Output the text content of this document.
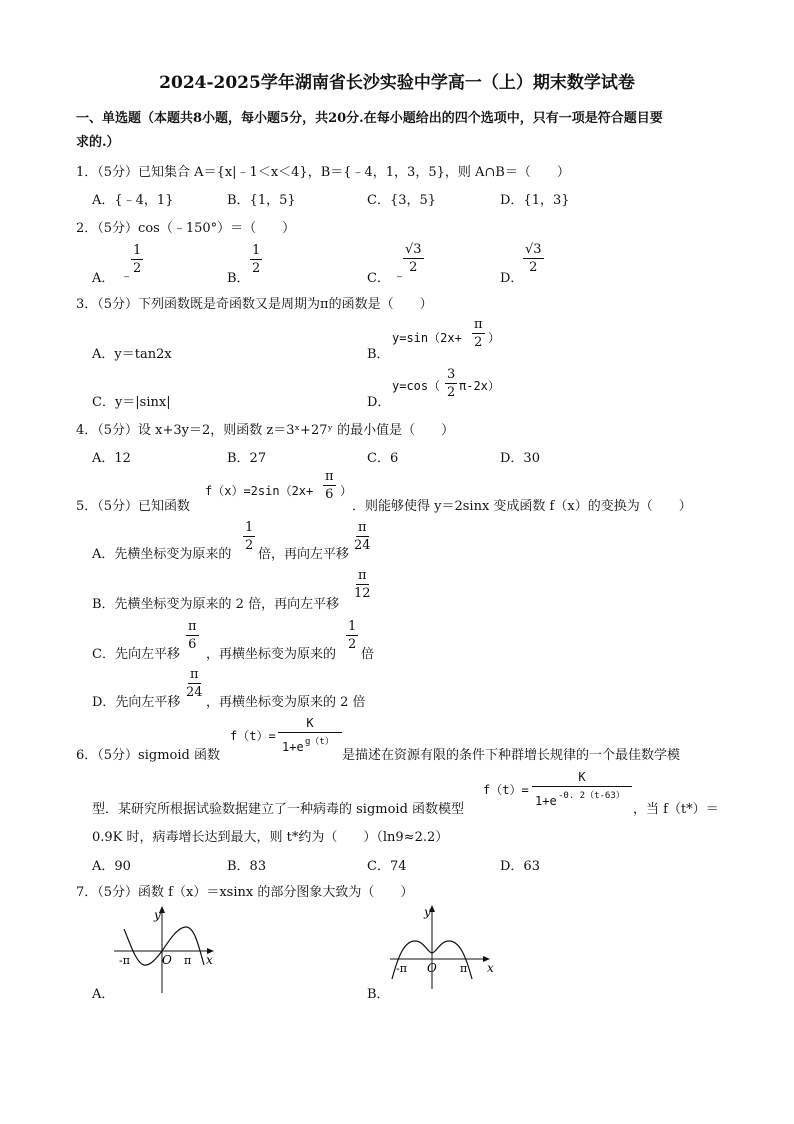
2024-2025学年湖南省长沙实验中学高一（上）期末数学试卷
一、单选题（本题共8小题，每小题5分，共20分.在每小题给出的四个选项中，只有一项是符合题目要
求的.）
1．（5分）已知集合 A＝{x|﹣1＜x＜4}，B＝{﹣4，1，3，5}，则 A∩B＝（　　）
A．{﹣4，1}	B．{1，5}	C．{3，5}	D．{1，3}
2．（5分）cos（﹣150°）＝（　　）
A． ﹣
$\frac{1}{2}$
B．
$\frac{1}{2}$
C． ﹣
$\frac{√3}{2}$
D．
$\frac{√3}{2}$
3．（5分）下列函数既是奇函数又是周期为π的函数是（　　）
A．y＝tan2x	B．
$y=\sin(2x+ \frac{\pi}{2}$ ）
C．y＝|sinx|	D．
$y=\cos( \frac{3}{2} \pi-2x)$
4．（5分）设 x+3y＝2，则函数 z＝3ˣ+27ʸ 的最小值是（　　）
A．12	B．27	C．6	D．30
5．（5分）已知函数
$f(x)=2\sin(2x+ \frac{\pi}{6}$ ）
．则能够使得 y＝2sinx 变成函数 f（x）的变换为（　　）
A．先横坐标变为原来的
$\frac{1}{2}$
倍，再向左平移
$\frac{\pi}{24}$
B．先横坐标变为原来的 2 倍，再向左平移
$\frac{\pi}{12}$
C．先向左平移
$\frac{\pi}{6}$
，再横坐标变为原来的
$\frac{1}{2}$
倍
D．先向左平移
$\frac{\pi}{24}$
，再横坐标变为原来的 2 倍
6．（5分）sigmoid 函数
f（t）=
K
1+e g（t）
是描述在资源有限的条件下种群增长规律的一个最佳数学模
型．某研究所根据试验数据建立了一种病毒的 sigmoid 函数模型
f（t）=
K
1+e -0. 2（t-63）
，当 f（t*）＝
0.9K 时，病毒增长达到最大，则 t*约为（　　）（ln9≈2.2）
A．90	B．83	C．74	D．63
7．（5分）函数 f（x）＝xsinx 的部分图象大致为（　　）
y
x
-π	O π
A．
y
x
-π O π
B．
